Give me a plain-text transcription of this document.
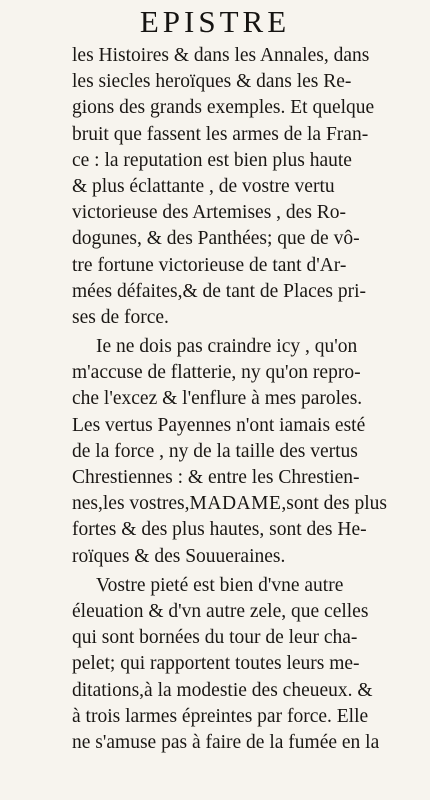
EPISTRE
les Histoires & dans les Annales, dans
les siecles heroïques & dans les Re-
gions des grands exemples. Et quelque
bruit que fassent les armes de la Fran-
ce : la reputation est bien plus haute
& plus éclattante , de vostre vertu
victorieuse des Artemises , des Ro-
dogunes, & des Panthées; que de vô-
tre fortune victorieuse de tant d'Ar-
mées défaites,& de tant de Places pri-
ses de force.
Ie ne dois pas craindre icy , qu'on
m'accuse de flatterie, ny qu'on repro-
che l'excez & l'enflure à mes paroles.
Les vertus Payennes n'ont iamais esté
de la force , ny de la taille des vertus
Chrestiennes : & entre les Chrestien-
nes,les vostres,MADAME,sont des plus
fortes & des plus hautes, sont des He-
roïques & des Souueraines.
Vostre pieté est bien d'vne autre
éleuation & d'vn autre zele, que celles
qui sont bornées du tour de leur cha-
pelet; qui rapportent toutes leurs me-
ditations,à la modestie des cheueux. &
à trois larmes épreintes par force. Elle
ne s'amuse pas à faire de la fumée en la
